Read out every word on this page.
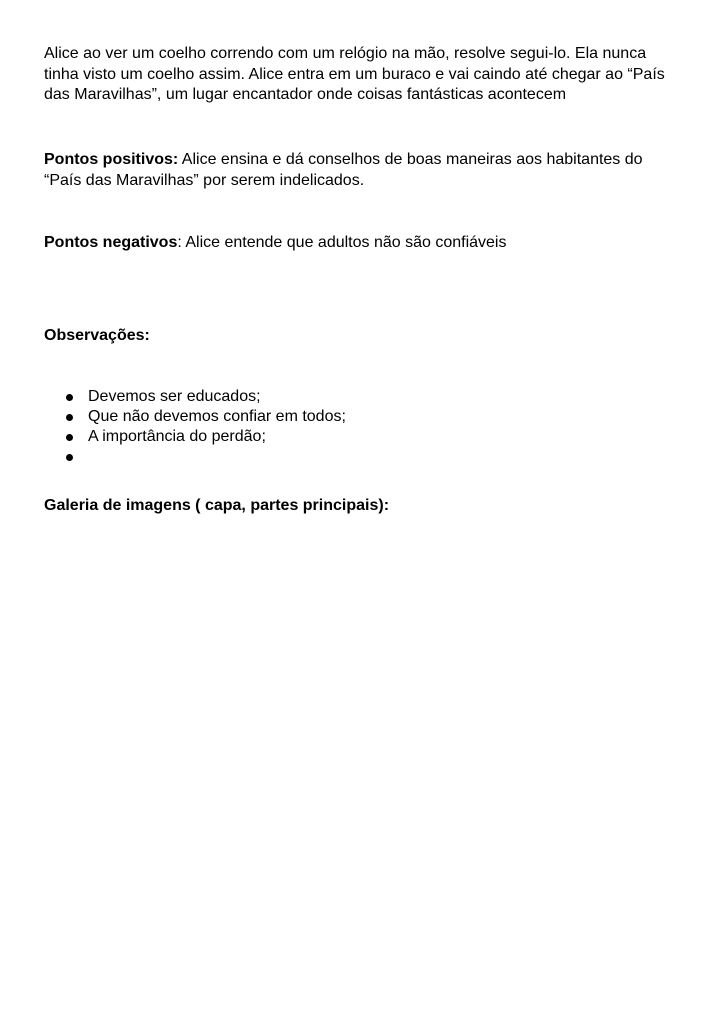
Alice ao ver um coelho correndo com um relógio na mão, resolve segui-lo. Ela nunca tinha visto um coelho assim. Alice entra em um buraco e vai caindo até chegar ao “País das Maravilhas”, um lugar encantador onde coisas fantásticas acontecem

Pontos positivos: Alice ensina e dá conselhos de boas maneiras aos habitantes do “País das Maravilhas” por serem indelicados.

Pontos negativos: Alice entende que adultos não são confiáveis

Observações:

Devemos ser educados;
Que não devemos confiar em todos;
A importância do perdão;

Galeria de imagens ( capa, partes principais):
